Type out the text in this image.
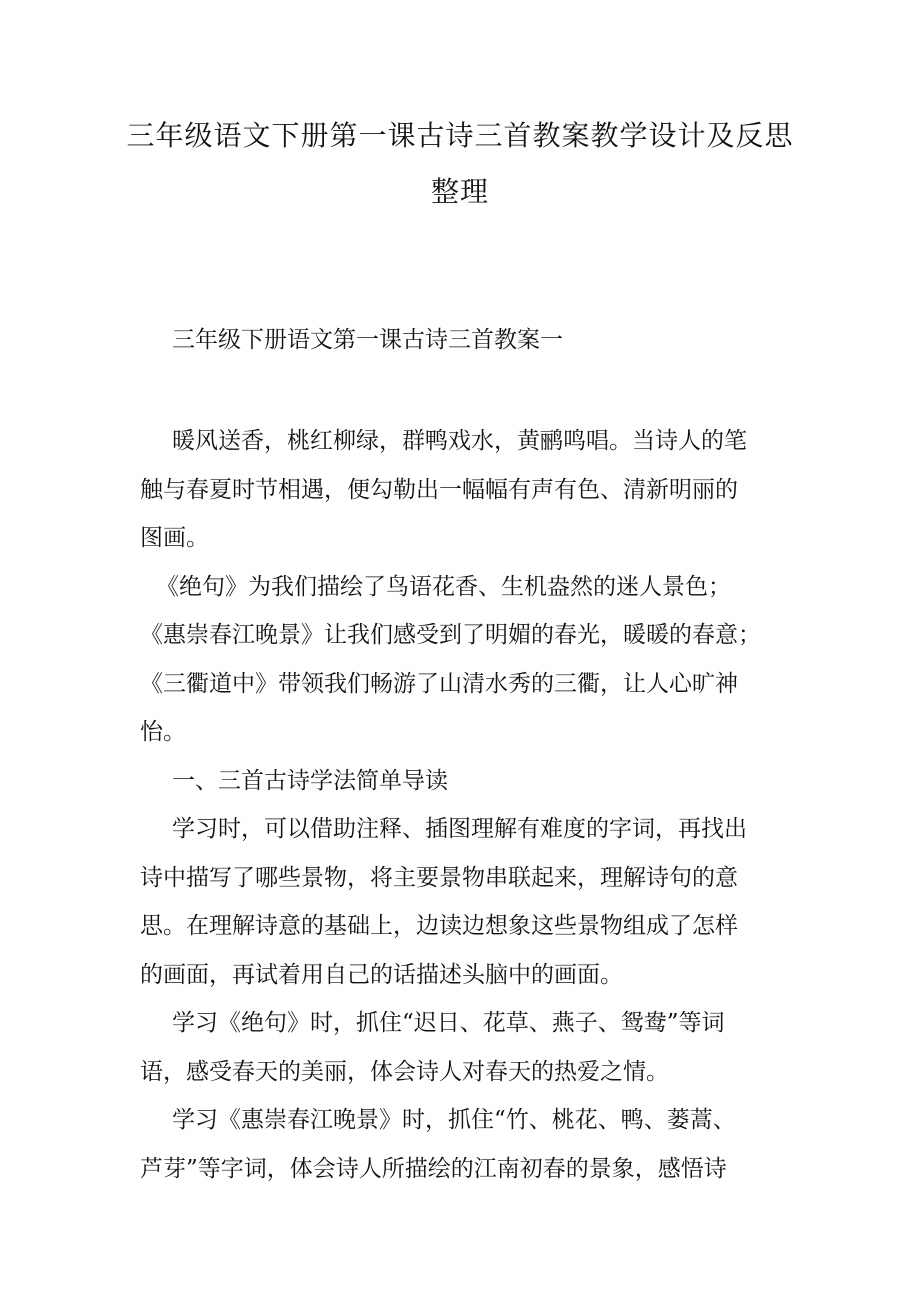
三年级语文下册第一课古诗三首教案教学设计及反思
整理
三年级下册语文第一课古诗三首教案一
暖风送香，桃红柳绿，群鸭戏水，黄鹂鸣唱。当诗人的笔
触与春夏时节相遇，便勾勒出一幅幅有声有色、清新明丽的
图画。
《绝句》为我们描绘了鸟语花香、生机盎然的迷人景色；
《惠崇春江晚景》让我们感受到了明媚的春光，暖暖的春意；
《三衢道中》带领我们畅游了山清水秀的三衢，让人心旷神
怡。
一、三首古诗学法简单导读
学习时，可以借助注释、插图理解有难度的字词，再找出
诗中描写了哪些景物，将主要景物串联起来，理解诗句的意
思。在理解诗意的基础上，边读边想象这些景物组成了怎样
的画面，再试着用自己的话描述头脑中的画面。
学习《绝句》时，抓住“迟日、花草、燕子、鸳鸯”等词
语，感受春天的美丽，体会诗人对春天的热爱之情。
学习《惠崇春江晚景》时，抓住“竹、桃花、鸭、蒌蒿、
芦芽”等字词，体会诗人所描绘的江南初春的景象，感悟诗
